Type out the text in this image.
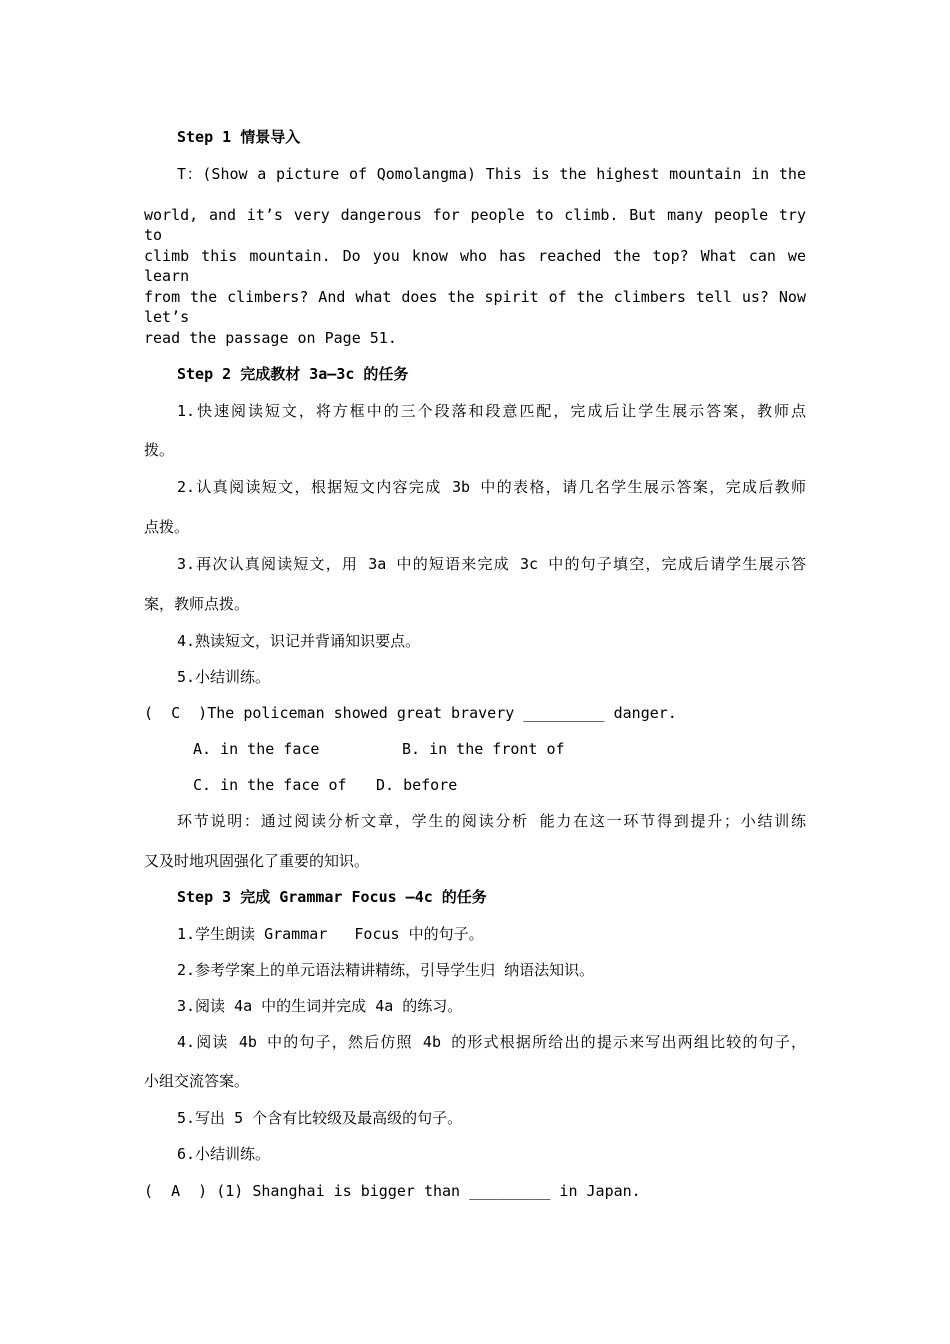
Step 1 情景导入
T：(Show a picture of Qomolangma) This is the highest mountain in the
world, and it’s very dangerous for people to climb. But many people try to
climb this mountain. Do you know who has reached the top? What can we learn
from the climbers? And what does the spirit of the climbers tell us? Now let’s
read the passage on Page 51.
Step 2 完成教材 3a—3c 的任务
1.快速阅读短文，将方框中的三个段落和段意匹配，完成后让学生展示答案，教师点
拨。
2.认真阅读短文，根据短文内容完成 3b 中的表格，请几名学生展示答案，完成后教师
点拨。
3.再次认真阅读短文，用 3a 中的短语来完成 3c 中的句子填空，完成后请学生展示答
案，教师点拨。
4.熟读短文，识记并背诵知识要点。
5.小结训练。
(  C  )The policeman showed great bravery _________ danger.
A. in the face	B. in the front of
C. in the face of D. before
环节说明：通过阅读分析文章，学生的阅读分析 能力在这一环节得到提升；小结训练
又及时地巩固强化了重要的知识。
Step 3 完成 Grammar Focus —4c 的任务
1.学生朗读 Grammar   Focus 中的句子。
2.参考学案上的单元语法精讲精练，引导学生归 纳语法知识。
3.阅读 4a 中的生词并完成 4a 的练习。
4.阅读 4b 中的句子，然后仿照 4b 的形式根据所给出的提示来写出两组比较的句子，
小组交流答案。
5.写出 5 个含有比较级及最高级的句子。
6.小结训练。
(  A  ) (1) Shanghai is bigger than _________ in Japan.
